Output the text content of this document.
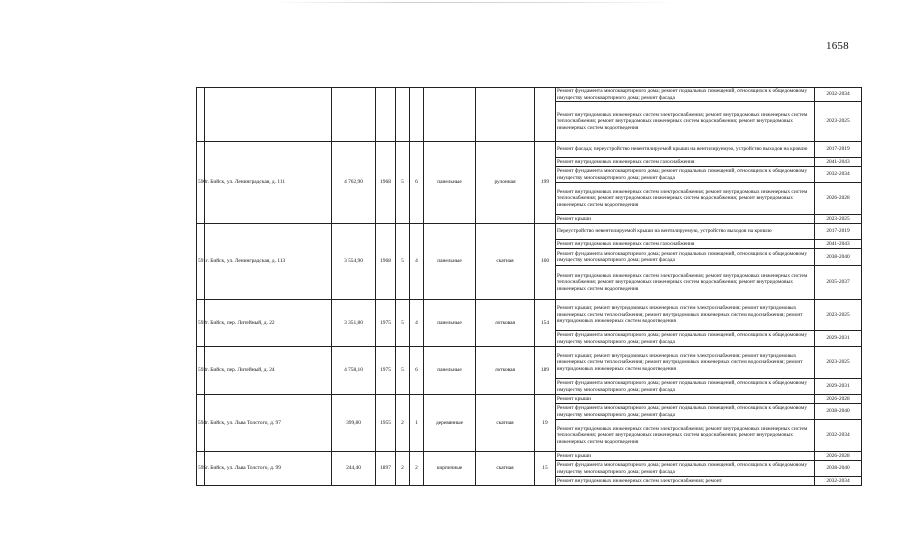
1658
									Ремонт фундамента многоквартирного дома; ремонт подвальных помещений, относящихся к общедомовому имуществу многоквартирного дома; ремонт фасада	2032-2034
									Ремонт внутридомовых инженерных систем электроснабжения; ремонт внутридомовых инженерных систем теплоснабжения; ремонт внутридомовых инженерных систем водоснабжения; ремонт внутридомовых инженерных систем водоотведения	2023-2025
590	г. Бийск, ул. Ленинградская, д. 111	4 762,90	1968	5	6	панельные	рулонная	199	Ремонт фасада; переустройство невентилируемой крыши на вентилируемую, устройство выходов на кровлю	2017-2019
									Ремонт внутридомовых инженерных систем газоснабжения	2041-2043
									Ремонт фундамента многоквартирного дома; ремонт подвальных помещений, относящихся к общедомовому имуществу многоквартирного дома; ремонт фасада	2032-2034
									Ремонт внутридомовых инженерных систем электроснабжения; ремонт внутридомовых инженерных систем теплоснабжения; ремонт внутридомовых инженерных систем водоснабжения; ремонт внутридомовых инженерных систем водоотведения	2026-2028
									Ремонт крыши	2023-2025
591	г. Бийск, ул. Ленинградская, д. 113	3 554,90	1968	5	4	панельные	скатная	160	Переустройство невентилируемой крыши на вентилируемую, устройство выходов на кровлю	2017-2019
									Ремонт внутридомовых инженерных систем газоснабжения	2041-2043
									Ремонт фундамента многоквартирного дома; ремонт подвальных помещений, относящихся к общедомовому имуществу многоквартирного дома; ремонт фасада	2038-2040
									Ремонт внутридомовых инженерных систем электроснабжения; ремонт внутридомовых инженерных систем теплоснабжения; ремонт внутридомовых инженерных систем водоснабжения; ремонт внутридомовых инженерных систем водоотведения	2035-2037
592	г. Бийск, пер. Литейный, д. 22	3 351,80	1975	5	4	панельные	лотковая	154	Ремонт крыши; ремонт внутридомовых инженерных систем электроснабжения; ремонт внутридомовых инженерных систем теплоснабжения; ремонт внутридомовых инженерных систем водоснабжения; ремонт внутридомовых инженерных систем водоотведения	2023-2025
									Ремонт фундамента многоквартирного дома; ремонт подвальных помещений, относящихся к общедомовому имуществу многоквартирного дома; ремонт фасада	2029-2031
593	г. Бийск, пер. Литейный, д. 24	4 758,10	1975	5	6	панельные	лотковая	189	Ремонт крыши; ремонт внутридомовых инженерных систем электроснабжения; ремонт внутридомовых инженерных систем теплоснабжения; ремонт внутридомовых инженерных систем водоснабжения; ремонт внутридомовых инженерных систем водоотведения	2023-2025
									Ремонт фундамента многоквартирного дома; ремонт подвальных помещений, относящихся к общедомовому имуществу многоквартирного дома; ремонт фасада	2029-2031
594	г. Бийск, ул. Льва Толстого, д. 97	399,80	1955	2	1	деревянные	скатная	19	Ремонт крыши	2026-2028
									Ремонт фундамента многоквартирного дома; ремонт подвальных помещений, относящихся к общедомовому имуществу многоквартирного дома; ремонт фасада	2038-2040
									Ремонт внутридомовых инженерных систем электроснабжения; ремонт внутридомовых инженерных систем теплоснабжения; ремонт внутридомовых инженерных систем водоснабжения; ремонт внутридомовых инженерных систем водоотведения	2032-2034
595	г. Бийск, ул. Льва Толстого, д. 99	244,40	1897	2	2	кирпичные	скатная	15	Ремонт крыши	2026-2028
									Ремонт фундамента многоквартирного дома; ремонт подвальных помещений, относящихся к общедомовому имуществу многоквартирного дома; ремонт фасада	2038-2040
									Ремонт внутридомовых инженерных систем электроснабжения; ремонт	2032-2034
